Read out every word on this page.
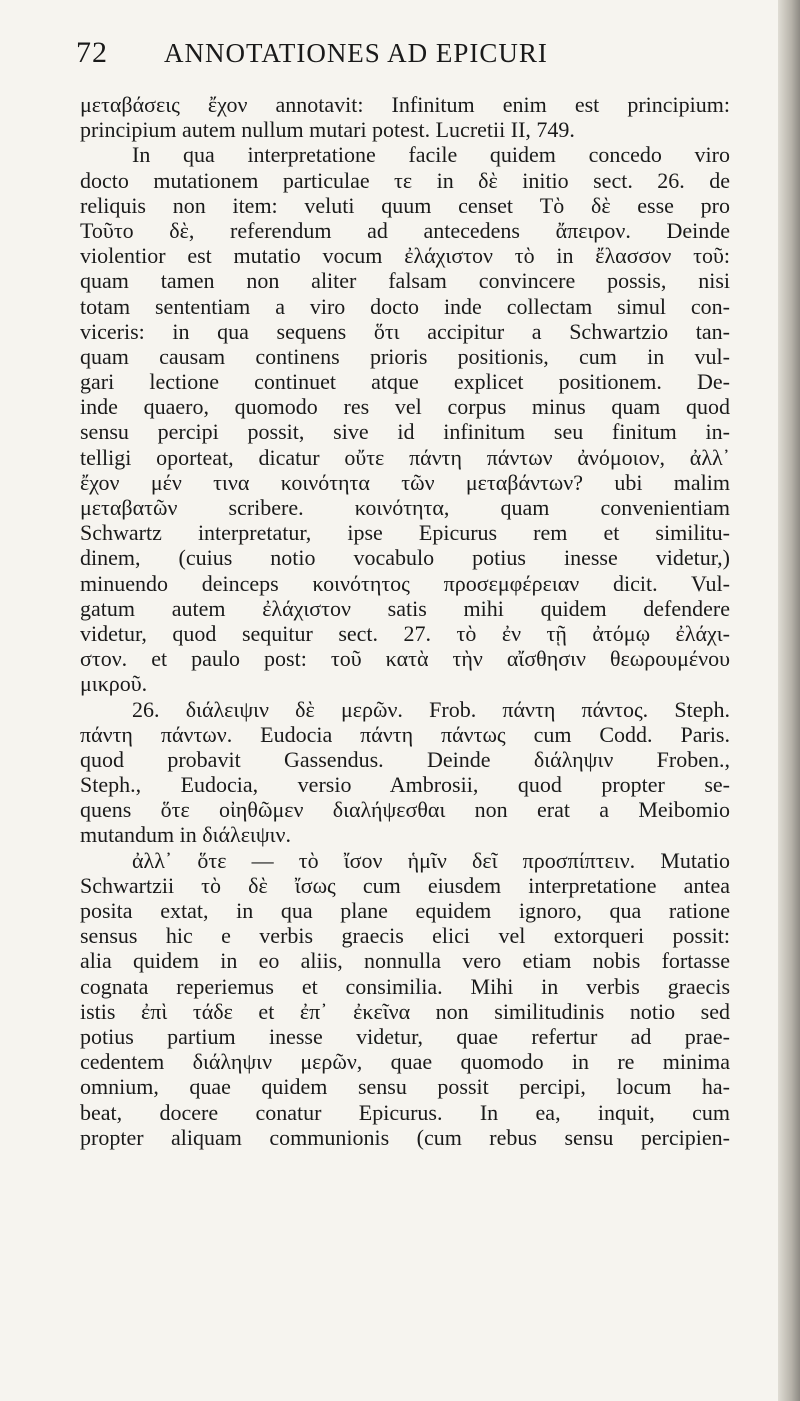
72 ANNOTATIONES AD EPICURI
μεταβάσεις ἔχον annotavit: Infinitum enim est principium:
principium autem nullum mutari potest. Lucretii II, 749.
In qua interpretatione facile quidem concedo viro
docto mutationem particulae τε in δὲ initio sect. 26. de
reliquis non item: veluti quum censet Τὸ δὲ esse pro
Τοῦτο δὲ, referendum ad antecedens ἄπειρον. Deinde
violentior est mutatio vocum ἐλάχιστον τὸ in ἔλασσον τοῦ:
quam tamen non aliter falsam convincere possis, nisi
totam sententiam a viro docto inde collectam simul con-
viceris: in qua sequens ὅτι accipitur a Schwartzio tan-
quam causam continens prioris positionis, cum in vul-
gari lectione continuet atque explicet positionem. De-
inde quaero, quomodo res vel corpus minus quam quod
sensu percipi possit, sive id infinitum seu finitum in-
telligi oporteat, dicatur οὔτε πάντη πάντων ἀνόμοιον, ἀλλ᾽
ἔχον μέν τινα κοινότητα τῶν μεταβάντων? ubi malim
μεταβατῶν scribere. κοινότητα, quam convenientiam
Schwartz interpretatur, ipse Epicurus rem et similitu-
dinem, (cuius notio vocabulo potius inesse videtur,)
minuendo deinceps κοινότητος προσεμφέρειαν dicit. Vul-
gatum autem ἐλάχιστον satis mihi quidem defendere
videtur, quod sequitur sect. 27. τὸ ἐν τῇ ἀτόμῳ ἐλάχι-
στον. et paulo post: τοῦ κατὰ τὴν αἴσθησιν θεωρουμένου
μικροῦ.
26. διάλειψιν δὲ μερῶν. Frob. πάντη πάντος. Steph.
πάντη πάντων. Eudocia πάντη πάντως cum Codd. Paris.
quod probavit Gassendus. Deinde διάληψιν Froben.,
Steph., Eudocia, versio Ambrosii, quod propter se-
quens ὅτε οἰηθῶμεν διαλήψεσθαι non erat a Meibomio
mutandum in διάλειψιν.
ἀλλ᾽ ὅτε — τὸ ἴσον ἡμῖν δεῖ προσπίπτειν. Mutatio
Schwartzii τὸ δὲ ἴσως cum eiusdem interpretatione antea
posita extat, in qua plane equidem ignoro, qua ratione
sensus hic e verbis graecis elici vel extorqueri possit:
alia quidem in eo aliis, nonnulla vero etiam nobis fortasse
cognata reperiemus et consimilia. Mihi in verbis graecis
istis ἐπὶ τάδε et ἐπ᾽ ἐκεῖνα non similitudinis notio sed
potius partium inesse videtur, quae refertur ad prae-
cedentem διάληψιν μερῶν, quae quomodo in re minima
omnium, quae quidem sensu possit percipi, locum ha-
beat, docere conatur Epicurus. In ea, inquit, cum
propter aliquam communionis (cum rebus sensu percipien-
